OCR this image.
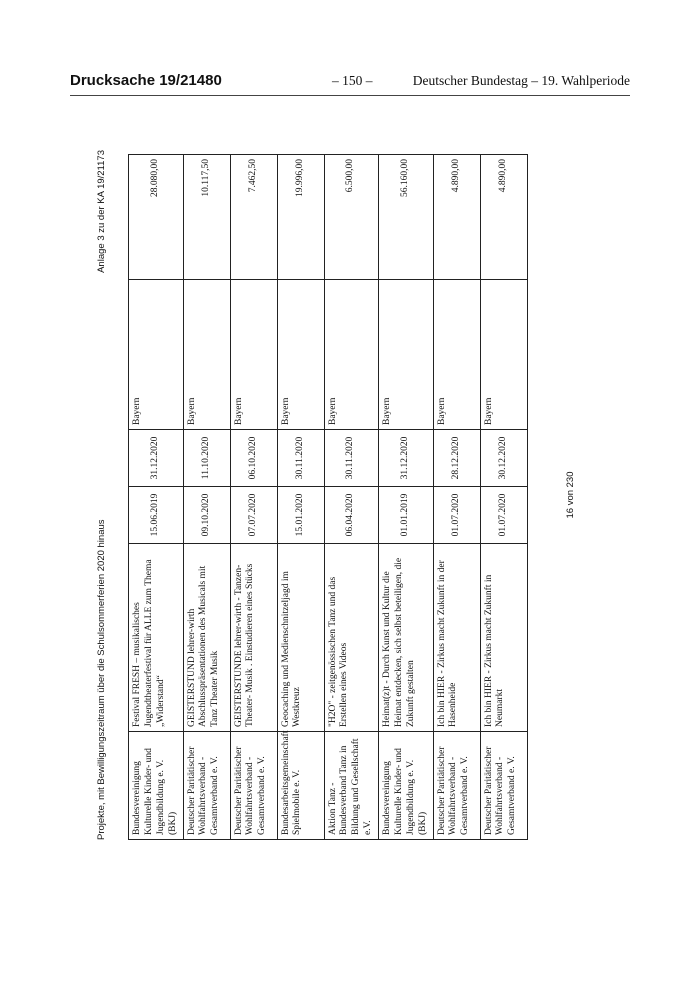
Drucksache 19/21480	– 150 –	Deutscher Bundestag – 19. Wahlperiode
Projekte, mit Bewilligungszeitraum über die Schulsommerferien 2020 hinaus
Anlage 3 zu der KA 19/21173
Bundesvereinigung Kulturelle Kinder- und Jugendbildung e. V. (BKJ)	Festival FRESH – musikalisches Jugendtheaterfestival für ALLE zum Thema „Widerstand“	15.06.2019	31.12.2020	Bayern	28.080,00
Deutscher Paritätischer Wohlfahrtsverband - Gesamtverband e. V.	GEISTERSTUND lehrer-wirth Abschlusspräsentationen des Musicals mit Tanz Theater Musik	09.10.2020	11.10.2020	Bayern	10.117,50
Deutscher Paritätischer Wohlfahrtsverband - Gesamtverband e. V.	GEISTERSTUNDE lehrer-wirth - Tanzen- Theater- Musik . Einstudieren eines Stücks	07.07.2020	06.10.2020	Bayern	7.462,50
Bundesarbeitsgemeinschaft Spielmobile e. V.	Geocaching und Medienschnitzeljagd im Westkreuz	15.01.2020	30.11.2020	Bayern	19.996,00
Aktion Tanz - Bundesverband Tanz in Bildung und Gesellschaft e.V.	"H2O" - zeitgenössischen Tanz und das Erstellen eines Videos	06.04.2020	30.11.2020	Bayern	6.500,00
Bundesvereinigung Kulturelle Kinder- und Jugendbildung e. V. (BKJ)	Heimat(z)t - Durch Kunst und Kultur die Heimat entdecken, sich selbst beteiligen, die Zukunft gestalten	01.01.2019	31.12.2020	Bayern	56.160,00
Deutscher Paritätischer Wohlfahrtsverband - Gesamtverband e. V.	Ich bin HIER - Zirkus macht Zukunft in der Hasenheide	01.07.2020	28.12.2020	Bayern	4.890,00
Deutscher Paritätischer Wohlfahrtsverband - Gesamtverband e. V.	Ich bin HIER - Zirkus macht Zukunft in Neumarkt	01.07.2020	30.12.2020	Bayern	4.890,00
16 von 230
